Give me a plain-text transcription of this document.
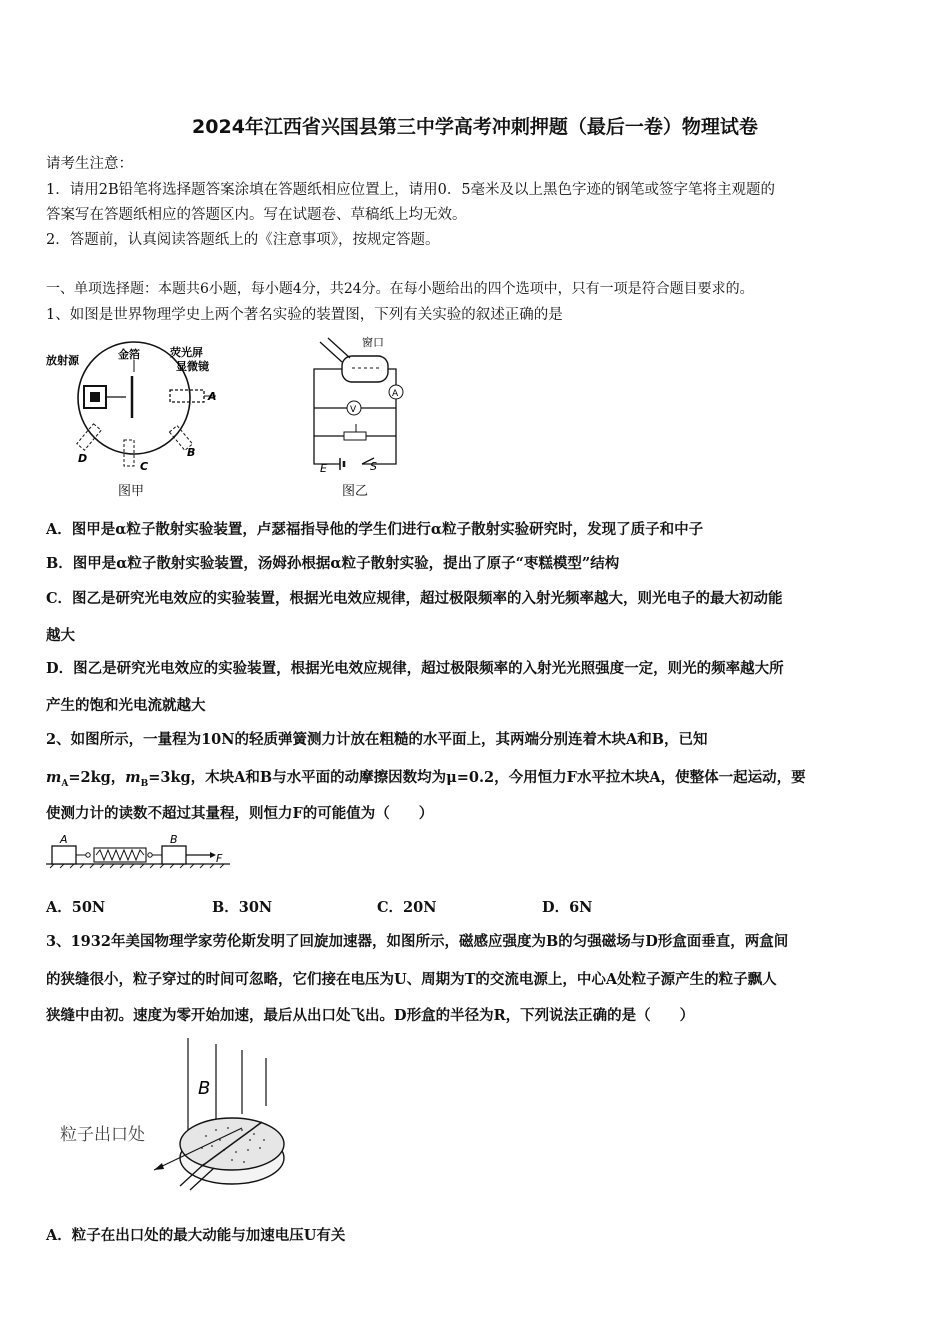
2024年江西省兴国县第三中学高考冲刺押题（最后一卷）物理试卷
请考生注意：
1．请用2B铅笔将选择题答案涂填在答题纸相应位置上，请用0．5毫米及以上黑色字迹的钢笔或签字笔将主观题的
答案写在答题纸相应的答题区内。写在试题卷、草稿纸上均无效。
2．答题前，认真阅读答题纸上的《注意事项》，按规定答题。
一、单项选择题：本题共6小题，每小题4分，共24分。在每小题给出的四个选项中，只有一项是符合题目要求的。
1、如图是世界物理学史上两个著名实验的装置图，下列有关实验的叙述正确的是
放射源	金箔	荧光屏
显微镜
A
B
C
D
图甲
A
V
窗口
E	S
图乙
A．图甲是α粒子散射实验装置，卢瑟福指导他的学生们进行α粒子散射实验研究时，发现了质子和中子
B．图甲是α粒子散射实验装置，汤姆孙根据α粒子散射实验，提出了原子“枣糕模型”结构
C．图乙是研究光电效应的实验装置，根据光电效应规律，超过极限频率的入射光频率越大，则光电子的最大初动能
越大
D．图乙是研究光电效应的实验装置，根据光电效应规律，超过极限频率的入射光光照强度一定，则光的频率越大所
产生的饱和光电流就越大
2、如图所示，一量程为10N的轻质弹簧测力计放在粗糙的水平面上，其两端分别连着木块A和B，已知
$m_A=2kg$，$m_B=3kg$，木块A和B与水平面的动摩擦因数均为μ=0.2，今用恒力F水平拉木块A，使整体一起运动，要
使测力计的读数不超过其量程，则恒力F的可能值为（　　）
A	B
F
A．50N	B．30N	C．20N	D．6N
3、1932年美国物理学家劳伦斯发明了回旋加速器，如图所示，磁感应强度为B的匀强磁场与D形盒面垂直，两盒间
的狭缝很小，粒子穿过的时间可忽略，它们接在电压为U、周期为T的交流电源上，中心A处粒子源产生的粒子飘人
狭缝中由初。速度为零开始加速，最后从出口处飞出。D形盒的半径为R，下列说法正确的是（　　）
B
粒子出口处
A．粒子在出口处的最大动能与加速电压U有关
